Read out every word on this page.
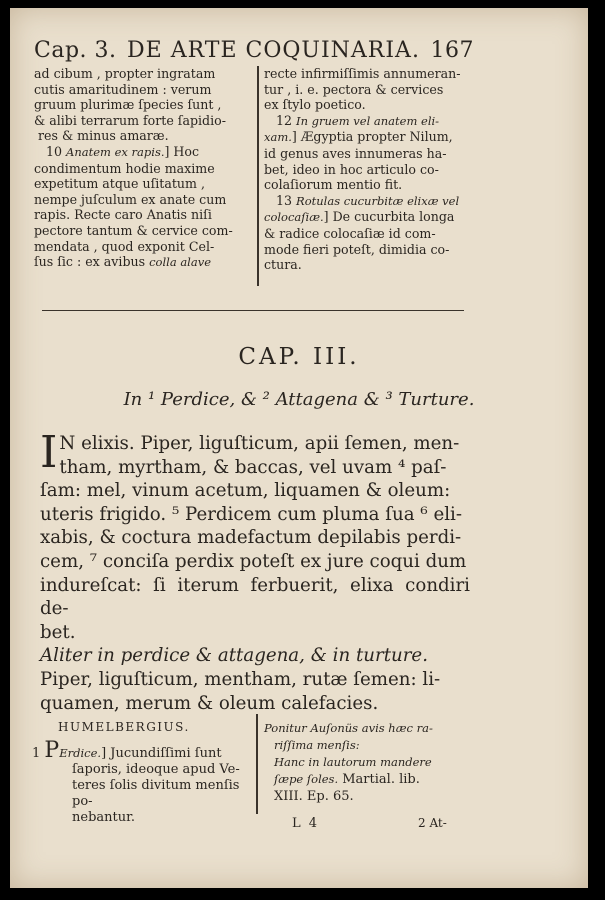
Cap. 3. DE ARTE COQUINARIA. 167

ad cibum , propter ingratam

cutis amaritudinem : verum

gruum plurimæ ſpecies ſunt ,

& alibi terrarum forte ſapidio-

res & minus amaræ.

10 Anatem ex rapis.] Hoc

condimentum hodie maxime

expetitum atque uſitatum ,

nempe juſculum ex anate cum

rapis. Recte caro Anatis niſi

pectore tantum & cervice com-

mendata , quod exponit Cel-

ſus ſic : ex avibus colla alave

recte infirmiſſimis annumeran-

tur , i. e. pectora & cervices

ex ſtylo poetico.

12 In gruem vel anatem eli-

xam.] Ægyptia propter Nilum,

id genus aves innumeras ha-

bet, ideo in hoc articulo co-

colaſiorum mentio fit.

13 Rotulas cucurbitæ elixæ vel

colocaſiæ.] De cucurbita longa

& radice colocaſiæ id com-

mode fieri poteſt, dimidia co-

ctura.

CAP. III.
In ¹ Perdice, & ² Attagena & ³ Turture.
I N elixis. Piper, liguſticum, apii ſemen, men-

tham, myrtham, & baccas, vel uvam ⁴ paſ-

ſam: mel, vinum acetum, liquamen & oleum:

uteris frigido. ⁵ Perdicem cum pluma ſua ⁶ eli-

xabis, & coctura madefactum depilabis perdi-

cem, ⁷ conciſa perdix poteſt ex jure coqui dum

indureſcat: ſi iterum ferbuerit, elixa condiri de-

bet.

Aliter in perdice & attagena, & in turture.

Piper, liguſticum, mentham, rutæ ſemen: li-

quamen, merum & oleum calefacies.

HUMELBERGIUS.

1 PErdice.] Jucundiſſimi ſunt

ſaporis, ideoque apud Ve-

teres ſolis divitum menſis po-

nebantur.

Ponitur Auſonüs avis hæc ra-

riſſima menſis:

Hanc in lautorum mandere

ſæpe ſoles. Martial. lib.

XIII. Ep. 65.

L 4	2 At-
